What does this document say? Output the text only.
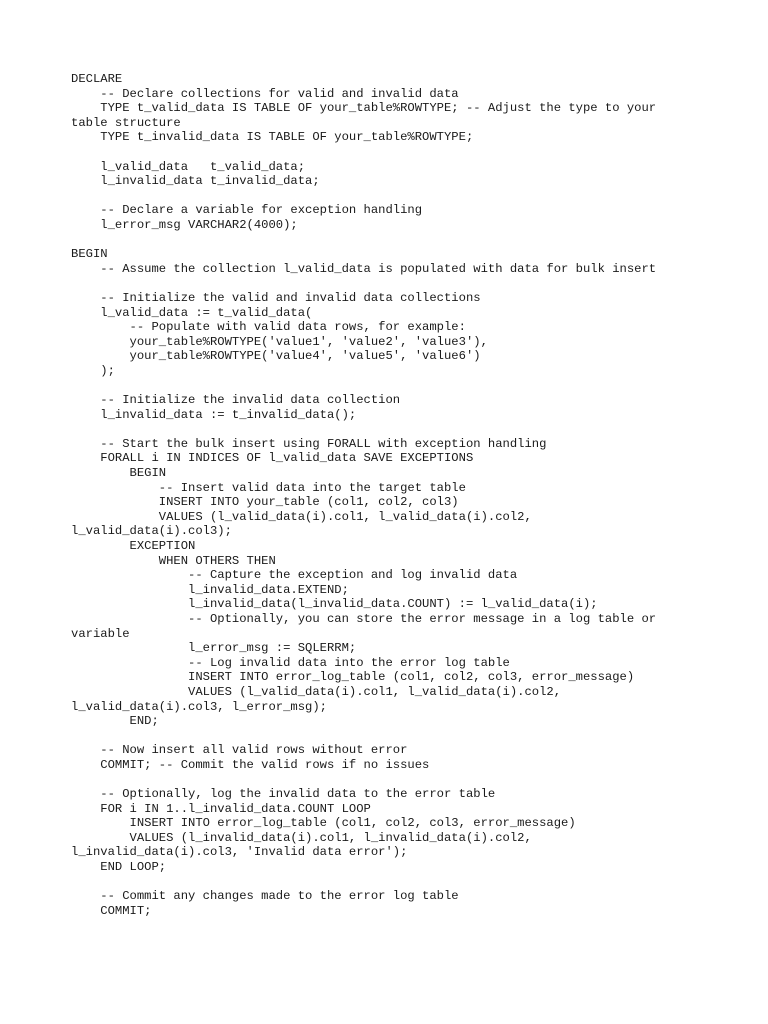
DECLARE
-- Declare collections for valid and invalid data
TYPE t_valid_data IS TABLE OF your_table%ROWTYPE; -- Adjust the type to your
table structure
TYPE t_invalid_data IS TABLE OF your_table%ROWTYPE;
l_valid_data   t_valid_data;
l_invalid_data t_invalid_data;
-- Declare a variable for exception handling
l_error_msg VARCHAR2(4000);
BEGIN
-- Assume the collection l_valid_data is populated with data for bulk insert
-- Initialize the valid and invalid data collections
l_valid_data := t_valid_data(
-- Populate with valid data rows, for example:
your_table%ROWTYPE('value1', 'value2', 'value3'),
your_table%ROWTYPE('value4', 'value5', 'value6')
);
-- Initialize the invalid data collection
l_invalid_data := t_invalid_data();
-- Start the bulk insert using FORALL with exception handling
FORALL i IN INDICES OF l_valid_data SAVE EXCEPTIONS
BEGIN
-- Insert valid data into the target table
INSERT INTO your_table (col1, col2, col3)
VALUES (l_valid_data(i).col1, l_valid_data(i).col2,
l_valid_data(i).col3);
EXCEPTION
WHEN OTHERS THEN
-- Capture the exception and log invalid data
l_invalid_data.EXTEND;
l_invalid_data(l_invalid_data.COUNT) := l_valid_data(i);
-- Optionally, you can store the error message in a log table or
variable
l_error_msg := SQLERRM;
-- Log invalid data into the error log table
INSERT INTO error_log_table (col1, col2, col3, error_message)
VALUES (l_valid_data(i).col1, l_valid_data(i).col2,
l_valid_data(i).col3, l_error_msg);
END;
-- Now insert all valid rows without error
COMMIT; -- Commit the valid rows if no issues
-- Optionally, log the invalid data to the error table
FOR i IN 1..l_invalid_data.COUNT LOOP
INSERT INTO error_log_table (col1, col2, col3, error_message)
VALUES (l_invalid_data(i).col1, l_invalid_data(i).col2,
l_invalid_data(i).col3, 'Invalid data error');
END LOOP;
-- Commit any changes made to the error log table
COMMIT;
